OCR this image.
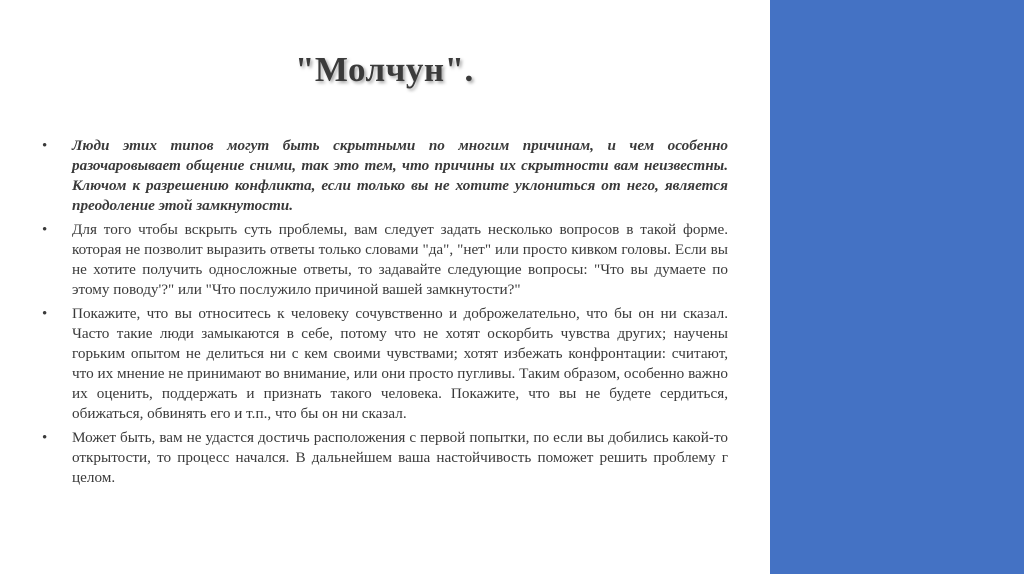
"Молчун".
• Люди этих типов могут быть скрытными по многим причинам, и чем особенно разочаровывает общение сними, так это тем, что причины их скрытности вам неизвестны. Ключом к разрешению конфликта, если только вы не хотите уклониться от него, является преодоление этой замкнутости.
• Для того чтобы вскрыть суть проблемы, вам следует задать несколько вопросов в такой форме. которая не позволит выразить ответы только словами "да", "нет" или просто кивком головы. Если вы не хотите получить односложные ответы, то задавайте следующие вопросы: "Что вы думаете по этому поводу'?" или "Что послужило причиной вашей замкнутости?"
• Покажите, что вы относитесь к человеку сочувственно и доброжелательно, что бы он ни сказал. Часто такие люди замыкаются в себе, потому что не хотят оскорбить чувства других; научены горьким опытом не делиться ни с кем своими чувствами; хотят избежать конфронтации: считают, что их мнение не принимают во внимание, или они просто пугливы. Таким образом, особенно важно их оценить, поддержать и признать такого человека. Покажите, что вы не будете сердиться, обижаться, обвинять его и т.п., что бы он ни сказал.
• Может быть, вам не удастся достичь расположения с первой попытки, по если вы добились какой-то открытости, то процесс начался. В дальнейшем ваша настойчивость поможет решить проблему г целом.
